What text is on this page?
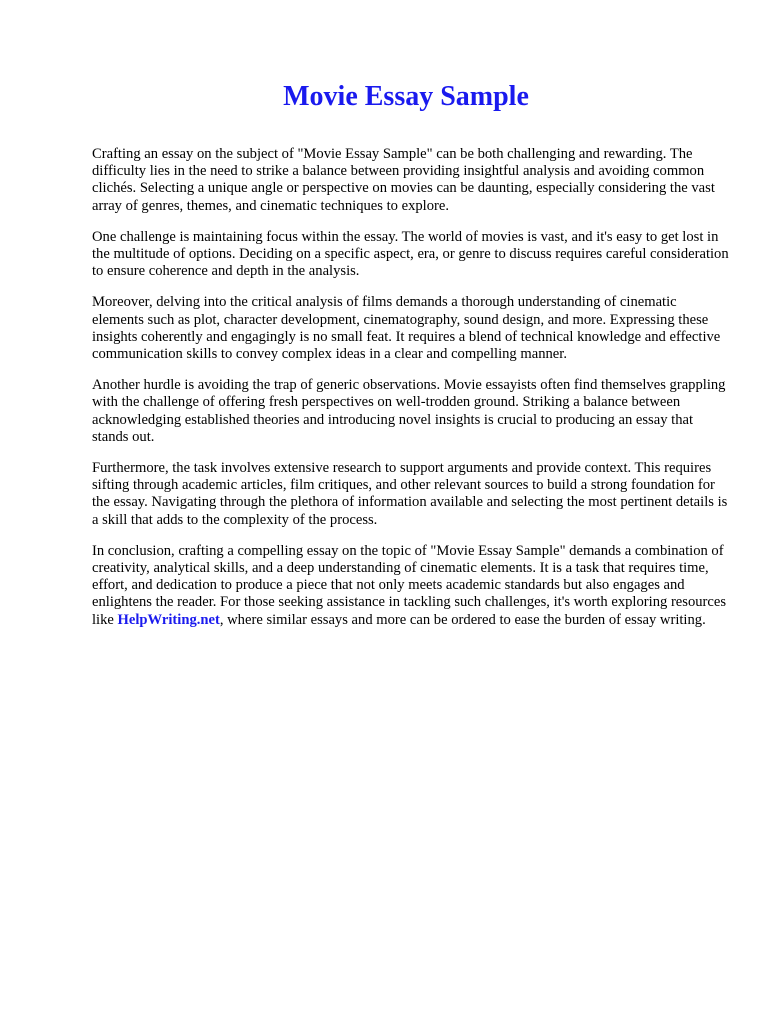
Movie Essay Sample

Crafting an essay on the subject of "Movie Essay Sample" can be both challenging and rewarding. The difficulty lies in the need to strike a balance between providing insightful analysis and avoiding common clichés. Selecting a unique angle or perspective on movies can be daunting, especially considering the vast array of genres, themes, and cinematic techniques to explore.

One challenge is maintaining focus within the essay. The world of movies is vast, and it's easy to get lost in the multitude of options. Deciding on a specific aspect, era, or genre to discuss requires careful consideration to ensure coherence and depth in the analysis.

Moreover, delving into the critical analysis of films demands a thorough understanding of cinematic elements such as plot, character development, cinematography, sound design, and more. Expressing these insights coherently and engagingly is no small feat. It requires a blend of technical knowledge and effective communication skills to convey complex ideas in a clear and compelling manner.

Another hurdle is avoiding the trap of generic observations. Movie essayists often find themselves grappling with the challenge of offering fresh perspectives on well-trodden ground. Striking a balance between acknowledging established theories and introducing novel insights is crucial to producing an essay that stands out.

Furthermore, the task involves extensive research to support arguments and provide context. This requires sifting through academic articles, film critiques, and other relevant sources to build a strong foundation for the essay. Navigating through the plethora of information available and selecting the most pertinent details is a skill that adds to the complexity of the process.

In conclusion, crafting a compelling essay on the topic of "Movie Essay Sample" demands a combination of creativity, analytical skills, and a deep understanding of cinematic elements. It is a task that requires time, effort, and dedication to produce a piece that not only meets academic standards but also engages and enlightens the reader. For those seeking assistance in tackling such challenges, it's worth exploring resources like HelpWriting.net, where similar essays and more can be ordered to ease the burden of essay writing.
